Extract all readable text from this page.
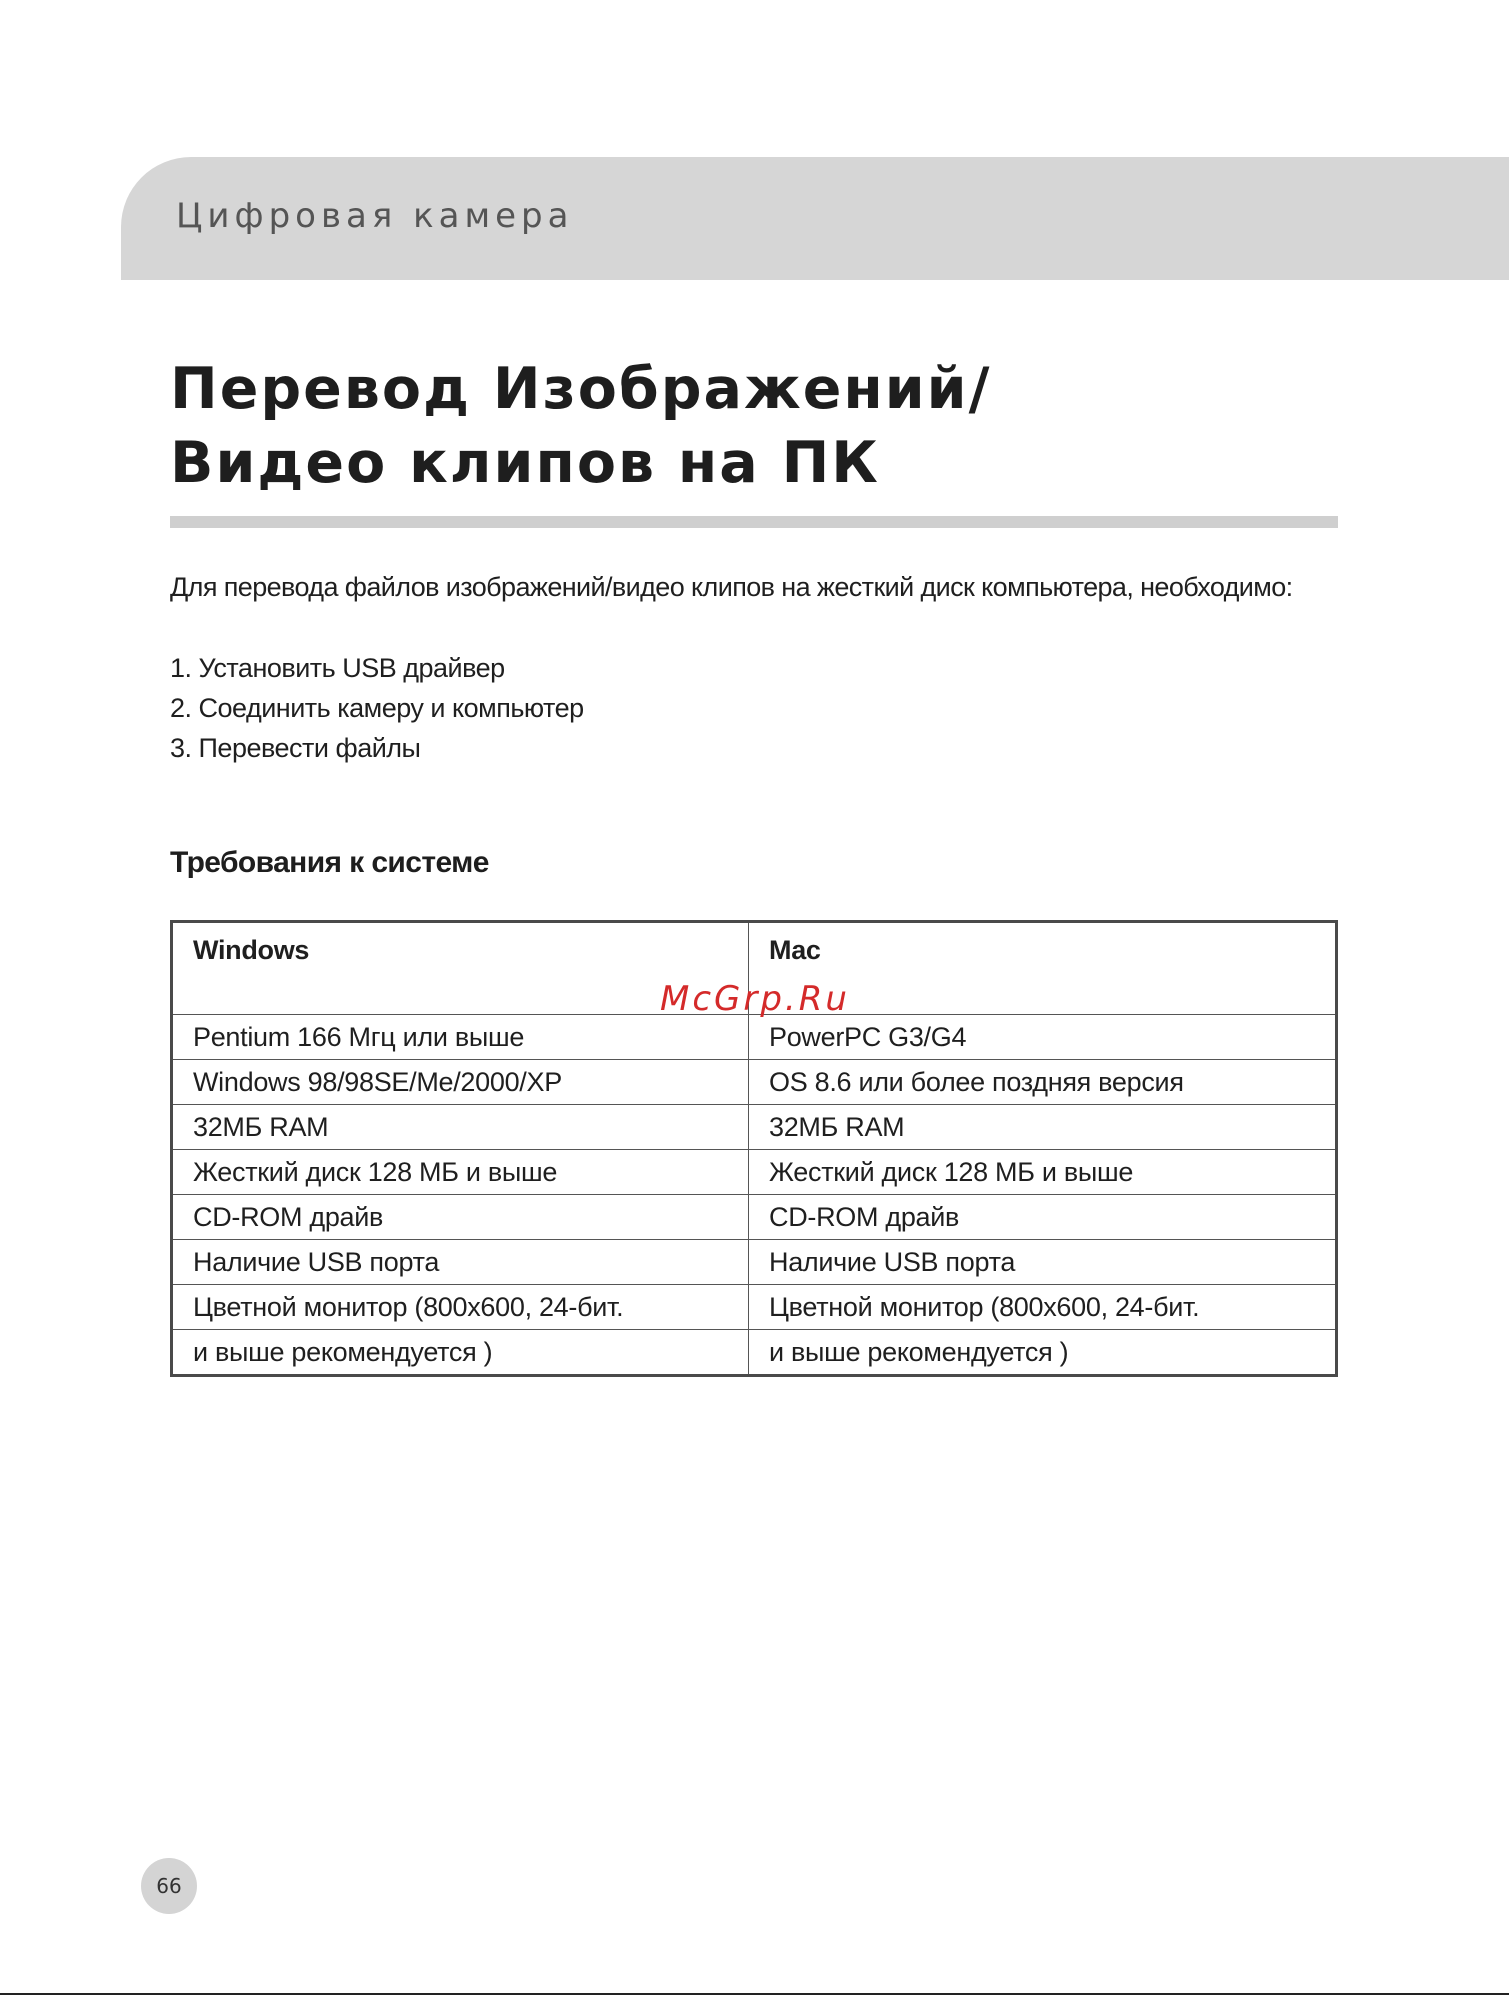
Цифровая камера

Перевод Изображений/
Видео клипов на ПК

Для перевода файлов изображений/видео клипов на жесткий диск компьютера, необходимо:

1. Установить USB драйвер
2. Соединить камеру и компьютер
3. Перевести файлы
Требования к системе
Windows	Mac
Pentium 166 Мгц или выше	PowerPC G3/G4
Windows 98/98SE/Me/2000/XP	OS 8.6 или более поздняя версия
32МБ RAM	32МБ RAM
Жесткий диск 128 МБ и выше	Жесткий диск 128 МБ и выше
CD-ROM драйв	CD-ROM драйв
Наличие USB порта	Наличие USB порта
Цветной монитор (800x600, 24-бит.	Цветной монитор (800x600, 24-бит.
и выше рекомендуется )	и выше рекомендуется )

McGrp.Ru

66
